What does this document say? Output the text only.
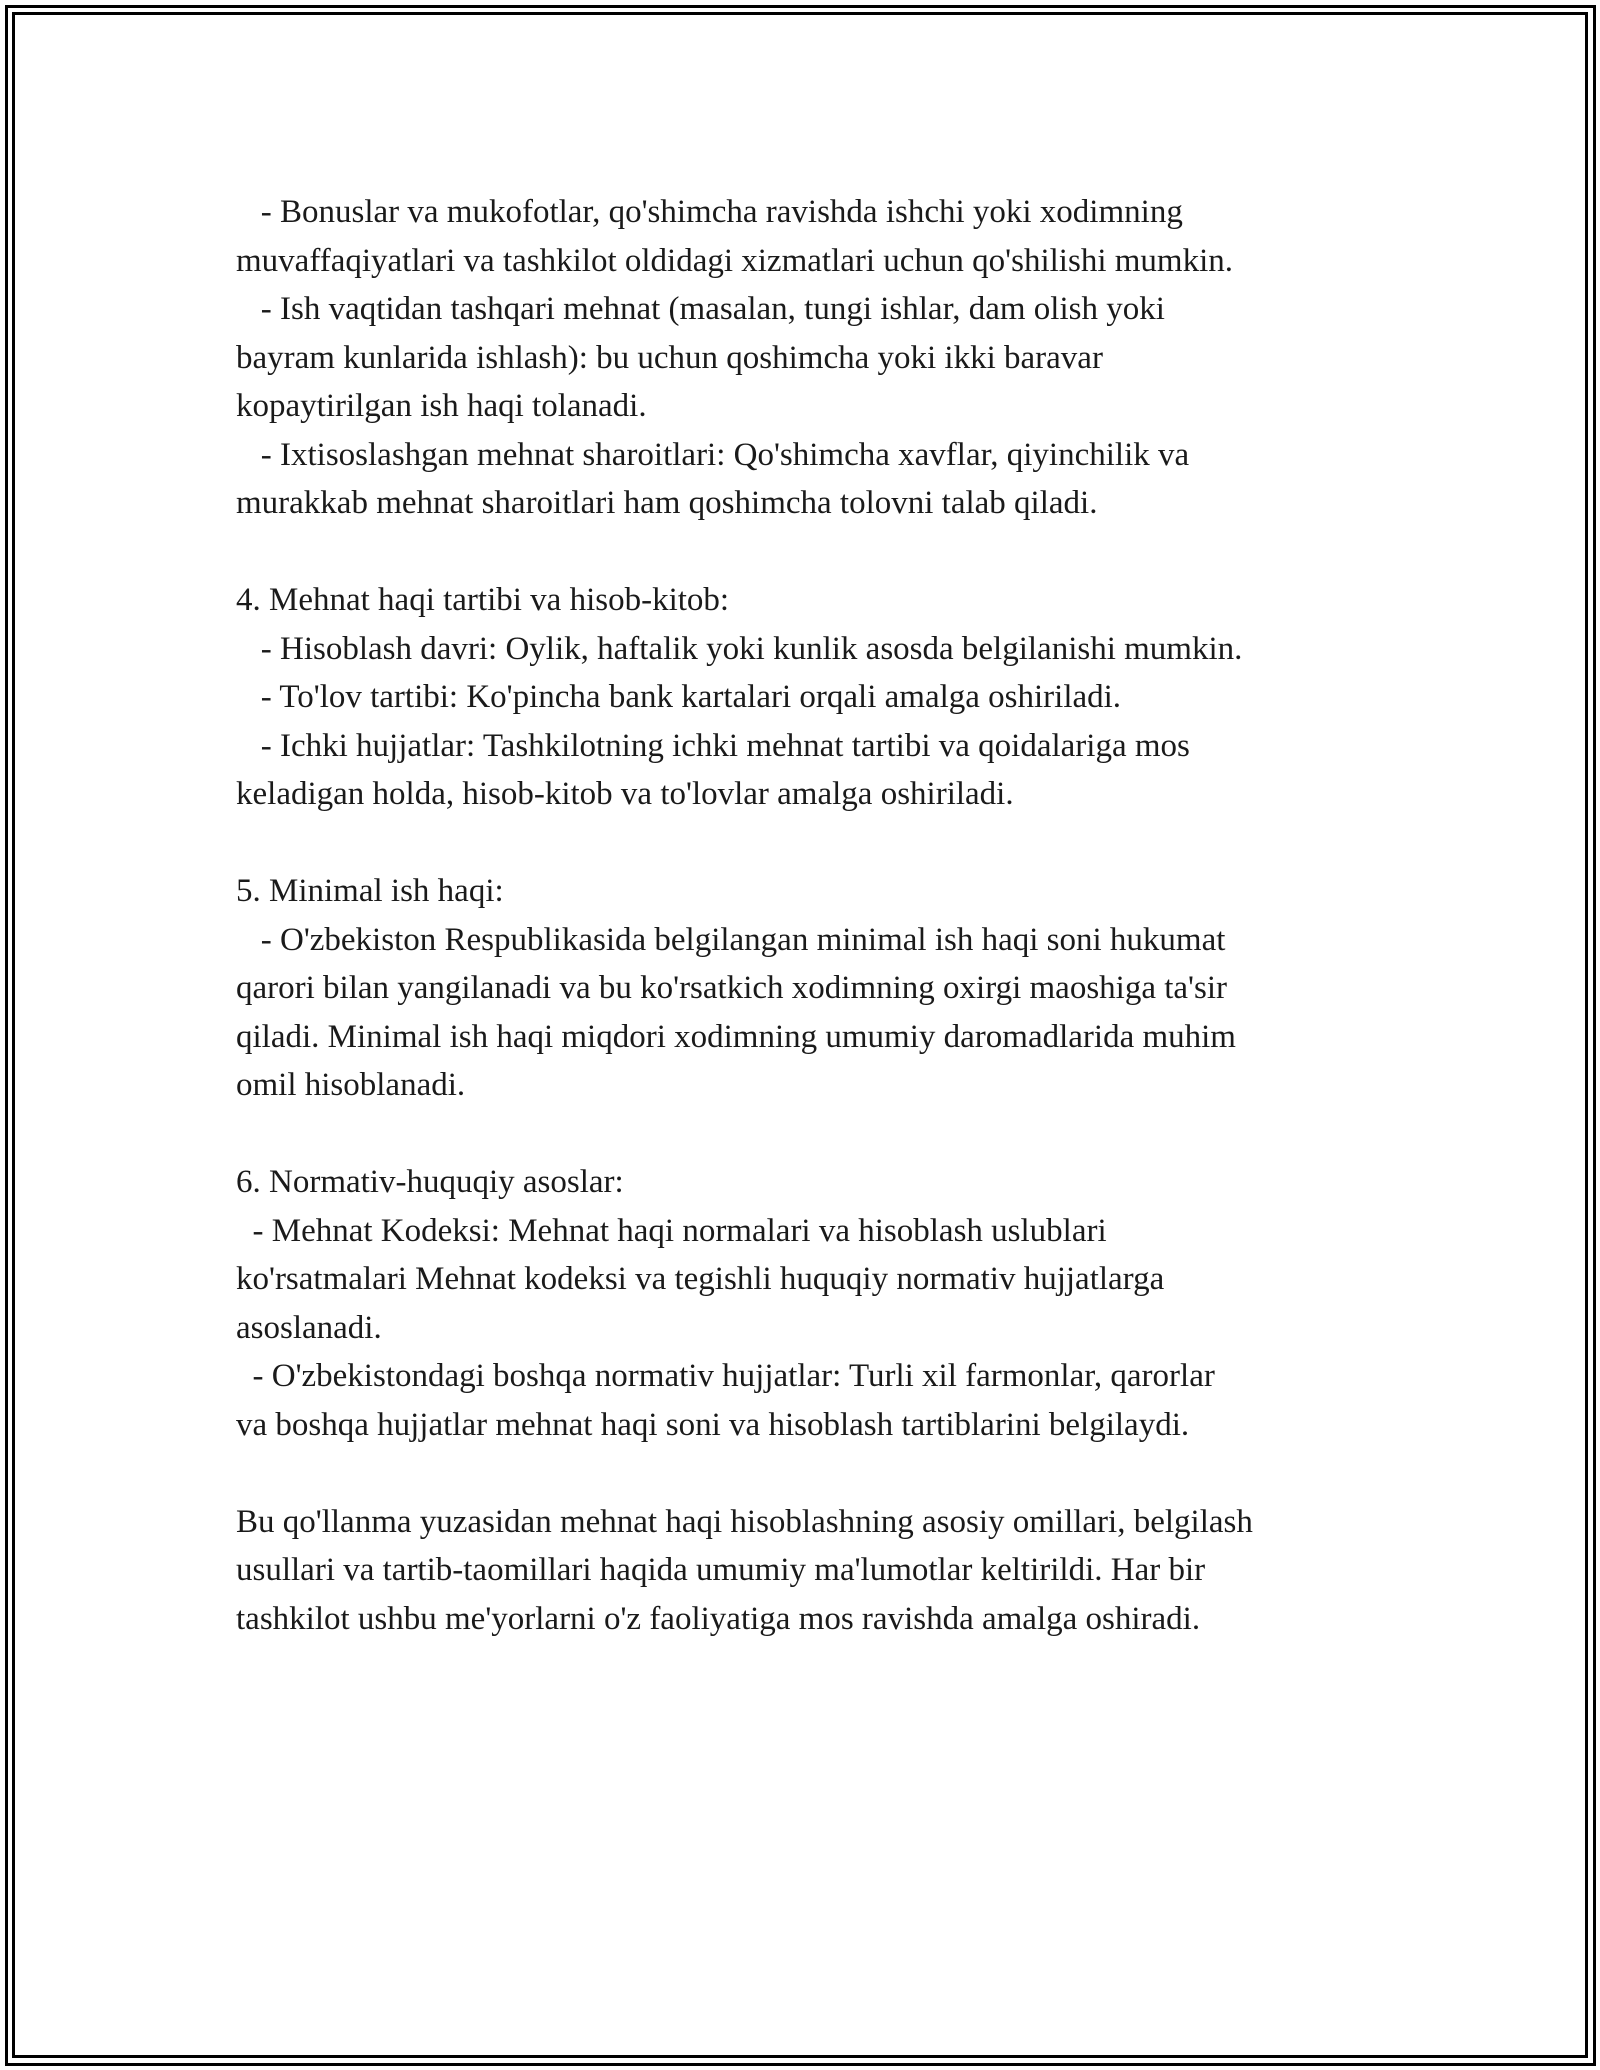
- Bonuslar va mukofotlar, qo'shimcha ravishda ishchi yoki xodimning
muvaffaqiyatlari va tashkilot oldidagi xizmatlari uchun qo'shilishi mumkin.
- Ish vaqtidan tashqari mehnat (masalan, tungi ishlar, dam olish yoki
bayram kunlarida ishlash): bu uchun qoshimcha yoki ikki baravar
kopaytirilgan ish haqi tolanadi.
- Ixtisoslashgan mehnat sharoitlari: Qo'shimcha xavflar, qiyinchilik va
murakkab mehnat sharoitlari ham qoshimcha tolovni talab qiladi.
4. Mehnat haqi tartibi va hisob-kitob:
- Hisoblash davri: Oylik, haftalik yoki kunlik asosda belgilanishi mumkin.
- To'lov tartibi: Ko'pincha bank kartalari orqali amalga oshiriladi.
- Ichki hujjatlar: Tashkilotning ichki mehnat tartibi va qoidalariga mos
keladigan holda, hisob-kitob va to'lovlar amalga oshiriladi.
5. Minimal ish haqi:
- O'zbekiston Respublikasida belgilangan minimal ish haqi soni hukumat
qarori bilan yangilanadi va bu ko'rsatkich xodimning oxirgi maoshiga ta'sir
qiladi. Minimal ish haqi miqdori xodimning umumiy daromadlarida muhim
omil hisoblanadi.
6. Normativ-huquqiy asoslar:
- Mehnat Kodeksi: Mehnat haqi normalari va hisoblash uslublari
ko'rsatmalari Mehnat kodeksi va tegishli huquqiy normativ hujjatlarga
asoslanadi.
- O'zbekistondagi boshqa normativ hujjatlar: Turli xil farmonlar, qarorlar
va boshqa hujjatlar mehnat haqi soni va hisoblash tartiblarini belgilaydi.
Bu qo'llanma yuzasidan mehnat haqi hisoblashning asosiy omillari, belgilash
usullari va tartib-taomillari haqida umumiy ma'lumotlar keltirildi. Har bir
tashkilot ushbu me'yorlarni o'z faoliyatiga mos ravishda amalga oshiradi.
